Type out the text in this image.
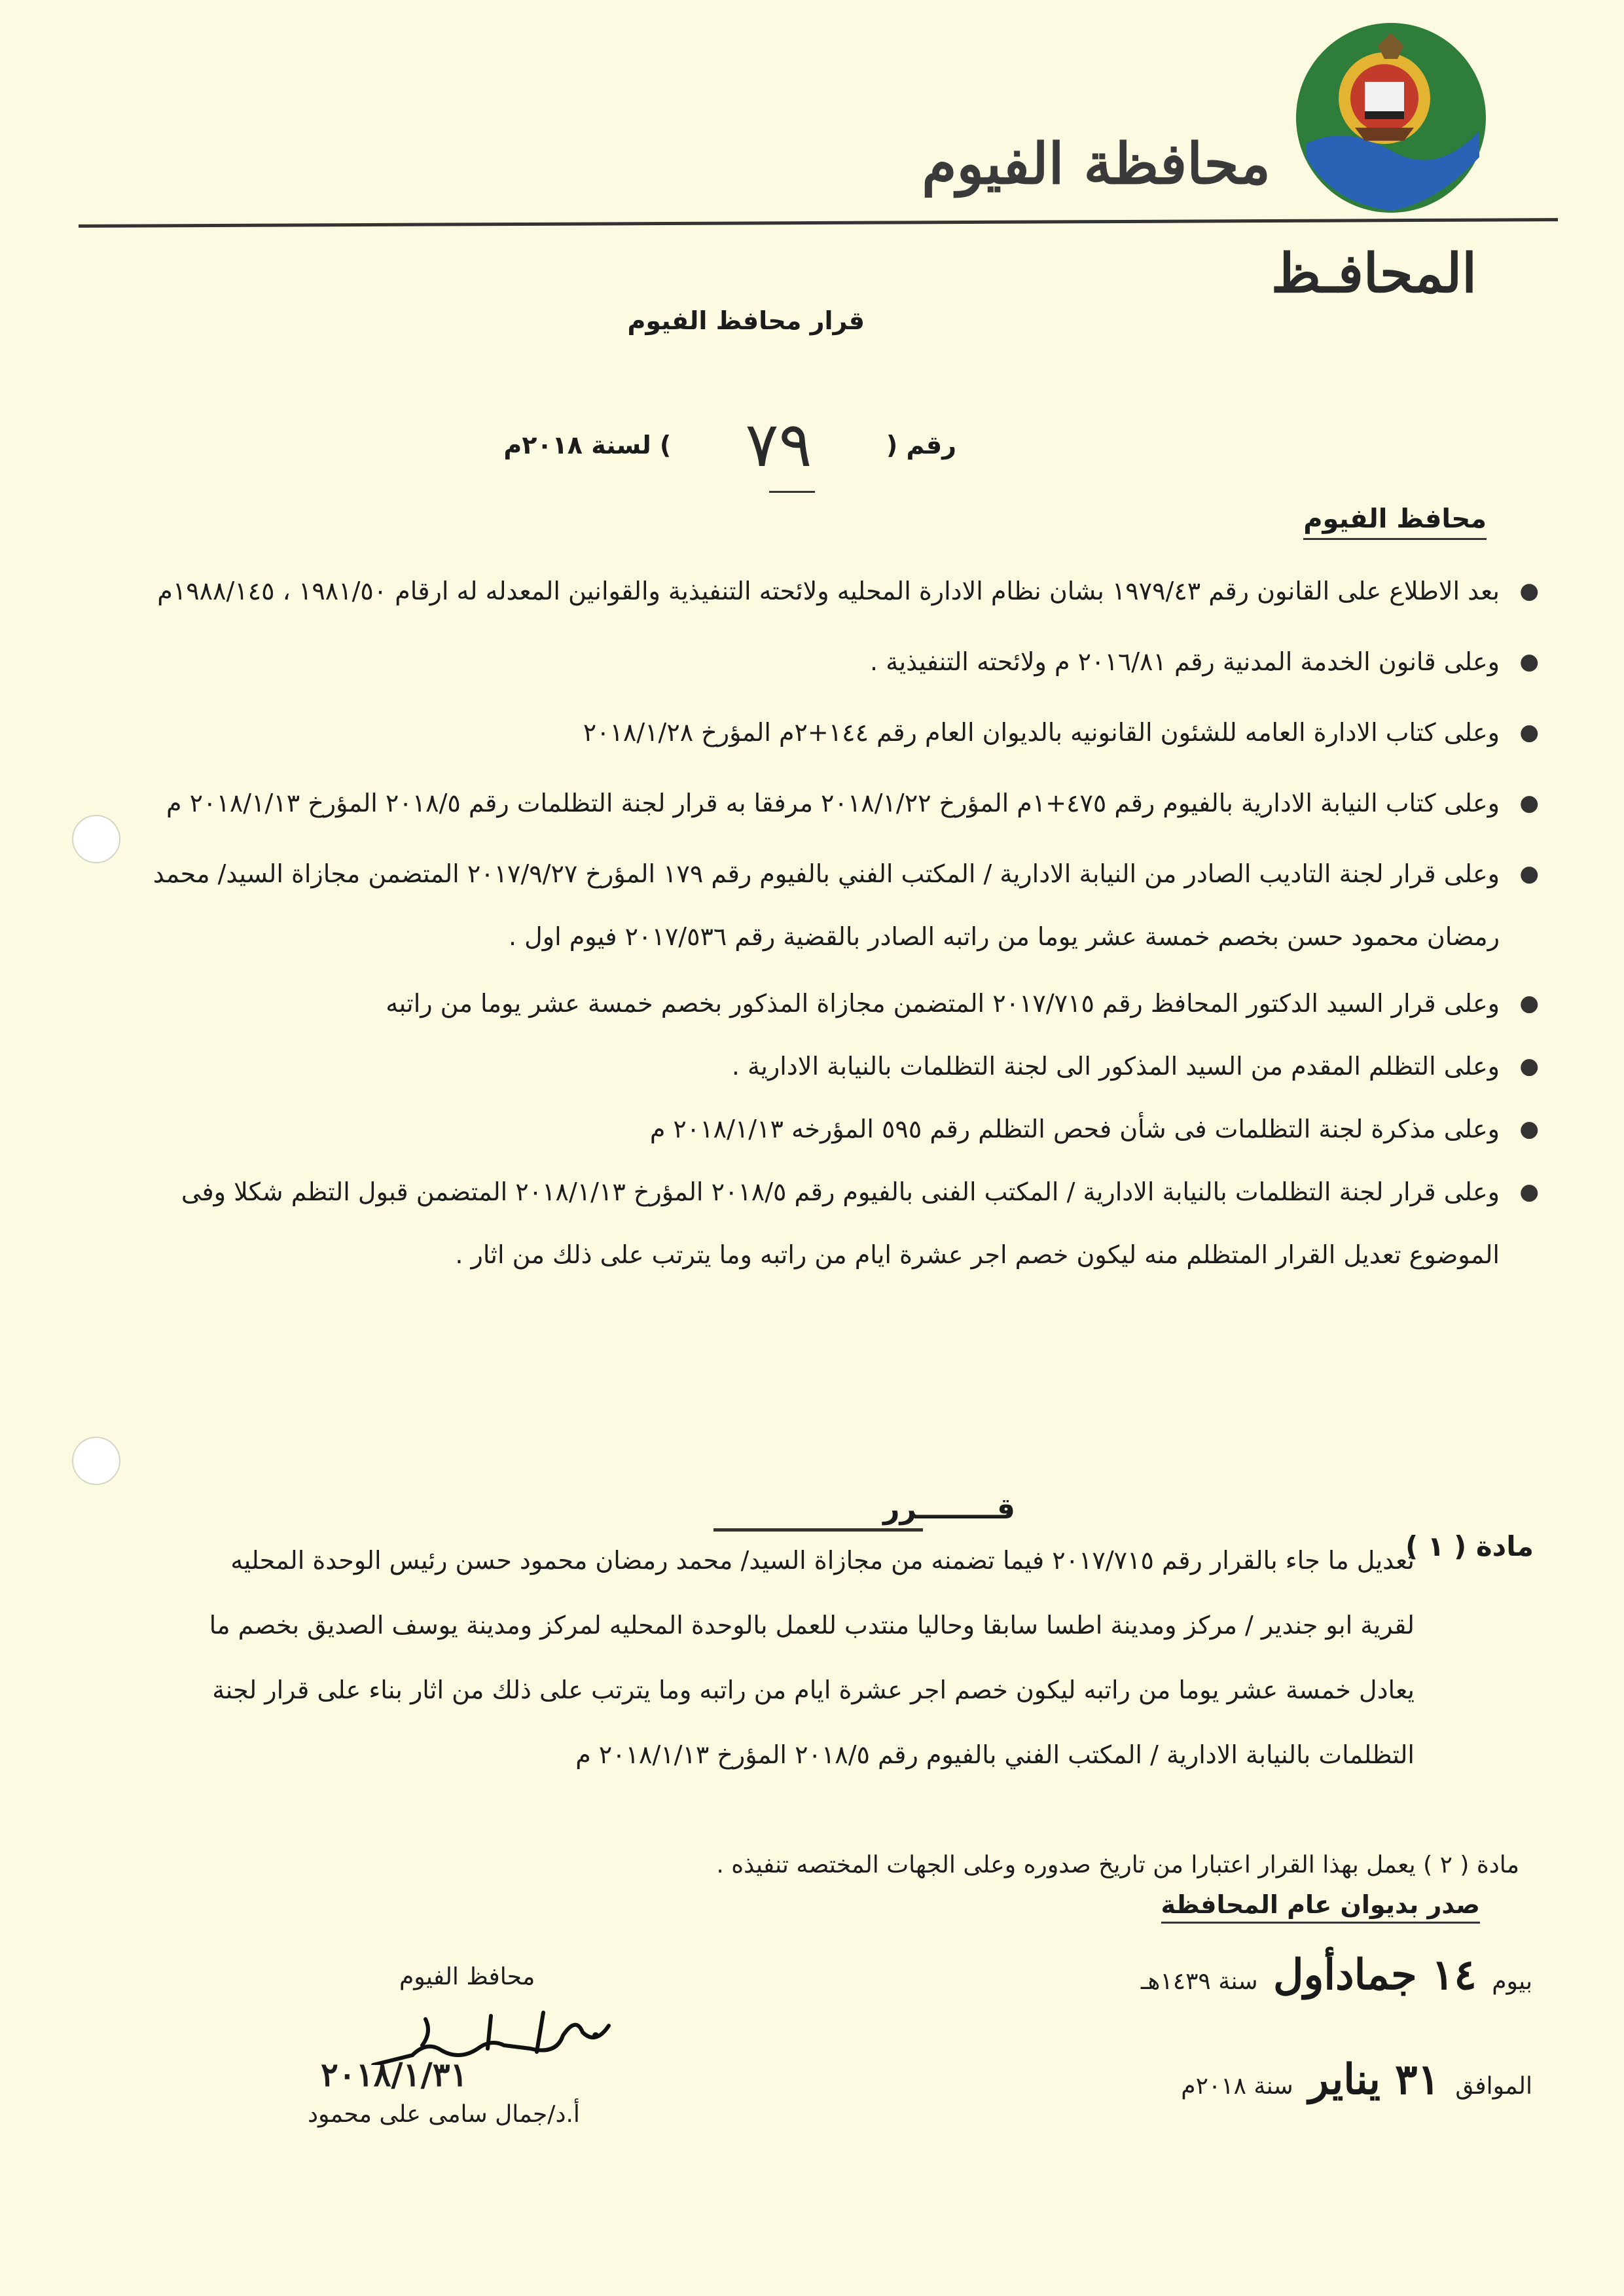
محافظة الفيوم
المحافـظ
قرار محافظ الفيوم
رقم ( ٧٩ ) لسنة ٢٠١٨م
محافظ الفيوم
●
بعد الاطلاع على القانون رقم ١٩٧٩/٤٣ بشان نظام الادارة المحليه ولائحته التنفيذية والقوانين المعدله له ارقام ١٩٨١/٥٠ ، ١٩٨٨/١٤٥م
●
وعلى قانون الخدمة المدنية رقم ٢٠١٦/٨١ م ولائحته التنفيذية .
●
وعلى كتاب الادارة العامه للشئون القانونيه بالديوان العام رقم ١٤٤+٢م المؤرخ ٢٠١٨/١/٢٨
●
وعلى كتاب النيابة الادارية بالفيوم رقم ٤٧٥+١م المؤرخ ٢٠١٨/١/٢٢ مرفقا به قرار لجنة التظلمات رقم ٢٠١٨/٥ المؤرخ ٢٠١٨/١/١٣ م
●
وعلى قرار لجنة التاديب الصادر من النيابة الادارية / المكتب الفني بالفيوم رقم ١٧٩ المؤرخ ٢٠١٧/٩/٢٧ المتضمن مجازاة السيد/ محمد رمضان محمود حسن بخصم خمسة عشر يوما من راتبه الصادر بالقضية رقم ٢٠١٧/٥٣٦ فيوم اول .
●
وعلى قرار السيد الدكتور المحافظ رقم ٢٠١٧/٧١٥ المتضمن مجازاة المذكور بخصم خمسة عشر يوما من راتبه
●
وعلى التظلم المقدم من السيد المذكور الى لجنة التظلمات بالنيابة الادارية .
●
وعلى مذكرة لجنة التظلمات فى شأن فحص التظلم رقم ٥٩٥ المؤرخه ٢٠١٨/١/١٣ م
●
وعلى قرار لجنة التظلمات بالنيابة الادارية / المكتب الفنى بالفيوم رقم ٢٠١٨/٥ المؤرخ ٢٠١٨/١/١٣ المتضمن قبول التظم شكلا وفى الموضوع تعديل القرار المتظلم منه ليكون خصم اجر عشرة ايام من راتبه وما يترتب على ذلك من اثار .
قــــــــرر
مادة ( ١ )
تعديل ما جاء بالقرار رقم ٢٠١٧/٧١٥ فيما تضمنه من مجازاة السيد/ محمد رمضان محمود حسن رئيس الوحدة المحليه لقرية ابو جندير / مركز ومدينة اطسا سابقا وحاليا منتدب للعمل بالوحدة المحليه لمركز ومدينة يوسف الصديق بخصم ما يعادل خمسة عشر يوما من راتبه ليكون خصم اجر عشرة ايام من راتبه وما يترتب على ذلك من اثار بناء على قرار لجنة التظلمات بالنيابة الادارية / المكتب الفني بالفيوم رقم ٢٠١٨/٥ المؤرخ ٢٠١٨/١/١٣ م
مادة ( ٢ ) يعمل بهذا القرار اعتبارا من تاريخ صدوره وعلى الجهات المختصه تنفيذه .
صدر بديوان عام المحافظة
بيوم ١٤ جمادأول سنة ١٤٣٩هـ
الموافق ٣١ يناير سنة ٢٠١٨م
محافظ الفيوم
٢٠١٨/١/٣١
أ.د/جمال سامى على محمود
